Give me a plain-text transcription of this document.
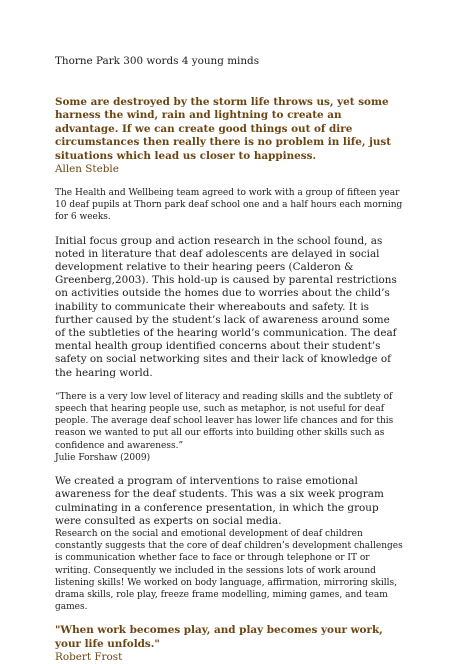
Thorne Park 300 words 4 young minds

Some are destroyed by the storm life throws us, yet some harness the wind, rain and lightning to create an advantage. If we can create good things out of dire circumstances then really there is no problem in life, just situations which lead us closer to happiness.
Allen Steble

The Health and Wellbeing team agreed to work with a group of fifteen year 10 deaf pupils at Thorn park deaf school one and a half hours each morning for 6 weeks.

Initial focus group and action research in the school found, as noted in literature that deaf adolescents are delayed in social development relative to their hearing peers (Calderon & Greenberg,2003). This hold-up is caused by parental restrictions on activities outside the homes due to worries about the child’s inability to communicate their whereabouts and safety. It is further caused by the student’s lack of awareness around some of the subtleties of the hearing world’s communication. The deaf mental health group identified concerns about their student’s safety on social networking sites and their lack of knowledge of the hearing world.

“There is a very low level of literacy and reading skills and the subtlety of speech that hearing people use, such as metaphor, is not useful for deaf people. The average deaf school leaver has lower life chances and for this reason we wanted to put all our efforts into building other skills such as confidence and awareness.”

Julie Forshaw (2009)

We created a program of interventions to raise emotional awareness for the deaf students. This was a six week program culminating in a conference presentation, in which the group were consulted as experts on social media.

Research on the social and emotional development of deaf children constantly suggests that the core of deaf children’s development challenges is communication whether face to face or through telephone or IT or writing. Consequently we included in the sessions lots of work around listening skills! We worked on body language, affirmation, mirroring skills, drama skills, role play, freeze frame modelling, miming games, and team games.

"When work becomes play, and play becomes your work, your life unfolds."
Robert Frost
